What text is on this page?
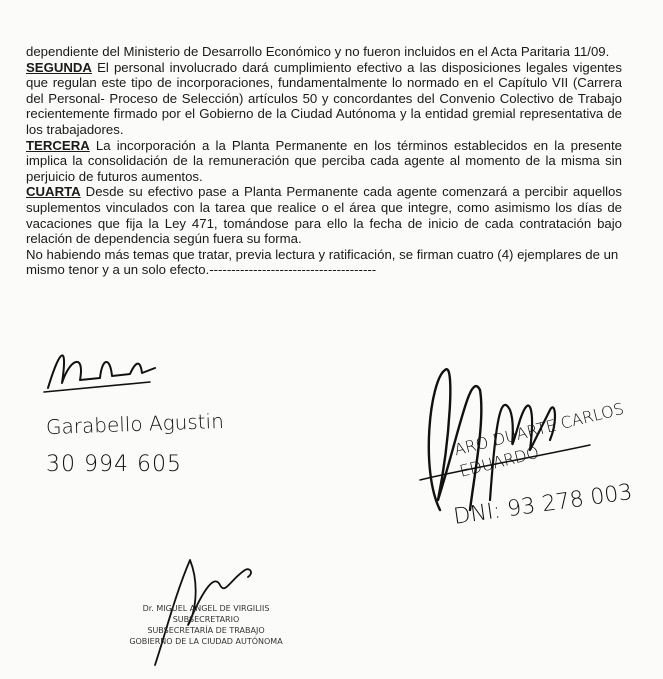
dependiente del Ministerio de Desarrollo Económico y no fueron incluidos en el Acta Paritaria 11/09.

SEGUNDA El personal involucrado dará cumplimiento efectivo a las disposiciones legales vigentes que regulan este tipo de incorporaciones, fundamentalmente lo normado en el Capítulo VII (Carrera del Personal- Proceso de Selección) artículos 50 y concordantes del Convenio Colectivo de Trabajo recientemente firmado por el Gobierno de la Ciudad Autónoma y la entidad gremial representativa de los trabajadores.

TERCERA La incorporación a la Planta Permanente en los términos establecidos en la presente implica la consolidación de la remuneración que perciba cada agente al momento de la misma sin perjuicio de futuros aumentos.

CUARTA Desde su efectivo pase a Planta Permanente cada agente comenzará a percibir aquellos suplementos vinculados con la tarea que realice o el área que integre, como asimismo los días de vacaciones que fija la Ley 471, tomándose para ello la fecha de inicio de cada contratación bajo relación de dependencia según fuera su forma.

No habiendo más temas que tratar, previa lectura y ratificación, se firman cuatro (4) ejemplares de un mismo tenor y a un solo efecto.--------------------------------------

Garabello Agustin
30 994 605
ARO DUARTE CARLOS EDUARDO
DNI: 93 278 003
Dr. MIGUEL ANGEL DE VIRGILIIS
SUBSECRETARIO
SUBSECRETARÍA DE TRABAJO
GOBIERNO DE LA CIUDAD AUTÓNOMA
